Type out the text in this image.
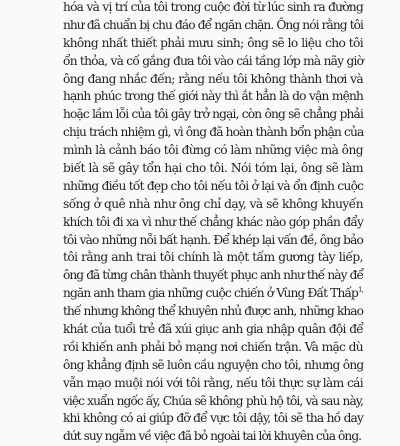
hóa và vị trí của tôi trong cuộc đời từ lúc sinh ra đường
như đã chuẩn bị chu đáo để ngăn chặn. Ông nói rằng tôi
không nhất thiết phải mưu sinh; ông sẽ lo liệu cho tôi
ổn thỏa, và cố gắng đưa tôi vào cái tầng lớp mà nãy giờ
ông đang nhắc đến; rằng nếu tôi không thành thơi và
hạnh phúc trong thế giới này thì ắt hẳn là do vận mệnh
hoặc lầm lỗi của tôi gây trở ngại, còn ông sẽ chẳng phải
chịu trách nhiệm gì, vì ông đã hoàn thành bổn phận của
mình là cảnh báo tôi đừng có làm những việc mà ông
biết là sẽ gây tổn hại cho tôi. Nói tóm lại, ông sẽ làm
những điều tốt đẹp cho tôi nếu tôi ở lại và ổn định cuộc
sống ở quê nhà như ông chỉ dạy, và sẽ không khuyến
khích tôi đi xa vì như thế chẳng khác nào góp phần đẩy
tôi vào những nỗi bất hạnh. Để khép lại vấn đề, ông bảo
tôi rằng anh trai tôi chính là một tấm gương tày liếp,
ông đã từng chân thành thuyết phục anh như thế này để
ngăn anh tham gia những cuộc chiến ở Vùng Đất Thấp$^{1,}$
thế nhưng không thể khuyên nhủ được anh, những khao
khát của tuổi trẻ đã xúi giục anh gia nhập quân đội để
rồi khiến anh phải bỏ mạng nơi chiến trận. Và mặc dù
ông khẳng định sẽ luôn cầu nguyện cho tôi, nhưng ông
vẫn mạo muội nói với tôi rằng, nếu tôi thực sự làm cái
việc xuẩn ngốc ấy, Chúa sẽ không phù hộ tôi, và sau này,
khi không có ai giúp đỡ để vực tôi dậy, tôi sẽ tha hồ day
dứt suy ngẫm về việc đã bỏ ngoài tai lời khuyên của ông.
